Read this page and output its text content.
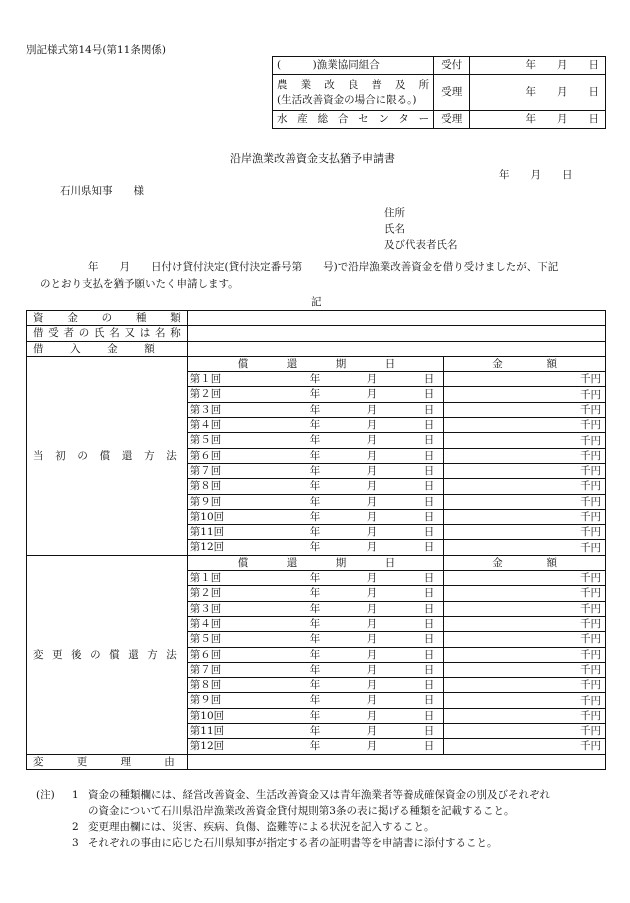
別記様式第14号(第11条関係)
(　　　)漁業協同組合	受付	年　　月　　日

農業改良普及所
(生活改善資金の場合に限る。)	受理	年　　月　　日
水産総合センター	受理	年　　月　　日
沿岸漁業改善資金支払猶予申請書
年　　月　　日
石川県知事　　様
住所
氏名
及び代表者氏名
年　　月　　日付け貸付決定(貸付決定番号第　　号)で沿岸漁業改善資金を借り受けましたが、下記
のとおり支払を猶予願いたく申請します。
記
資金の種類		

借受者の氏名又は名称		

借入金額		

当初の償還方法	償還期日	金額

	第１回 年 月 日	千円

	第２回 年 月 日	千円

	第３回 年 月 日	千円

	第４回 年 月 日	千円

	第５回 年 月 日	千円

	第６回 年 月 日	千円

	第７回 年 月 日	千円

	第８回 年 月 日	千円

	第９回 年 月 日	千円

	第10回 年 月 日	千円

	第11回 年 月 日	千円

	第12回 年 月 日	千円

変更後の償還方法	償還期日	金額

	第１回 年 月 日	千円

	第２回 年 月 日	千円

	第３回 年 月 日	千円

	第４回 年 月 日	千円

	第５回 年 月 日	千円

	第６回 年 月 日	千円

	第７回 年 月 日	千円

	第８回 年 月 日	千円

	第９回 年 月 日	千円

	第10回 年 月 日	千円

	第11回 年 月 日	千円

	第12回 年 月 日	千円

変更理由		

(注)	1 資金の種類欄には、経営改善資金、生活改善資金又は青年漁業者等養成確保資金の別及びそれぞれ
の資金について石川県沿岸漁業改善資金貸付規則第3条の表に掲げる種類を記載すること。
2 変更理由欄には、災害、疾病、負傷、盗難等による状況を記入すること。
3 それぞれの事由に応じた石川県知事が指定する者の証明書等を申請書に添付すること。
